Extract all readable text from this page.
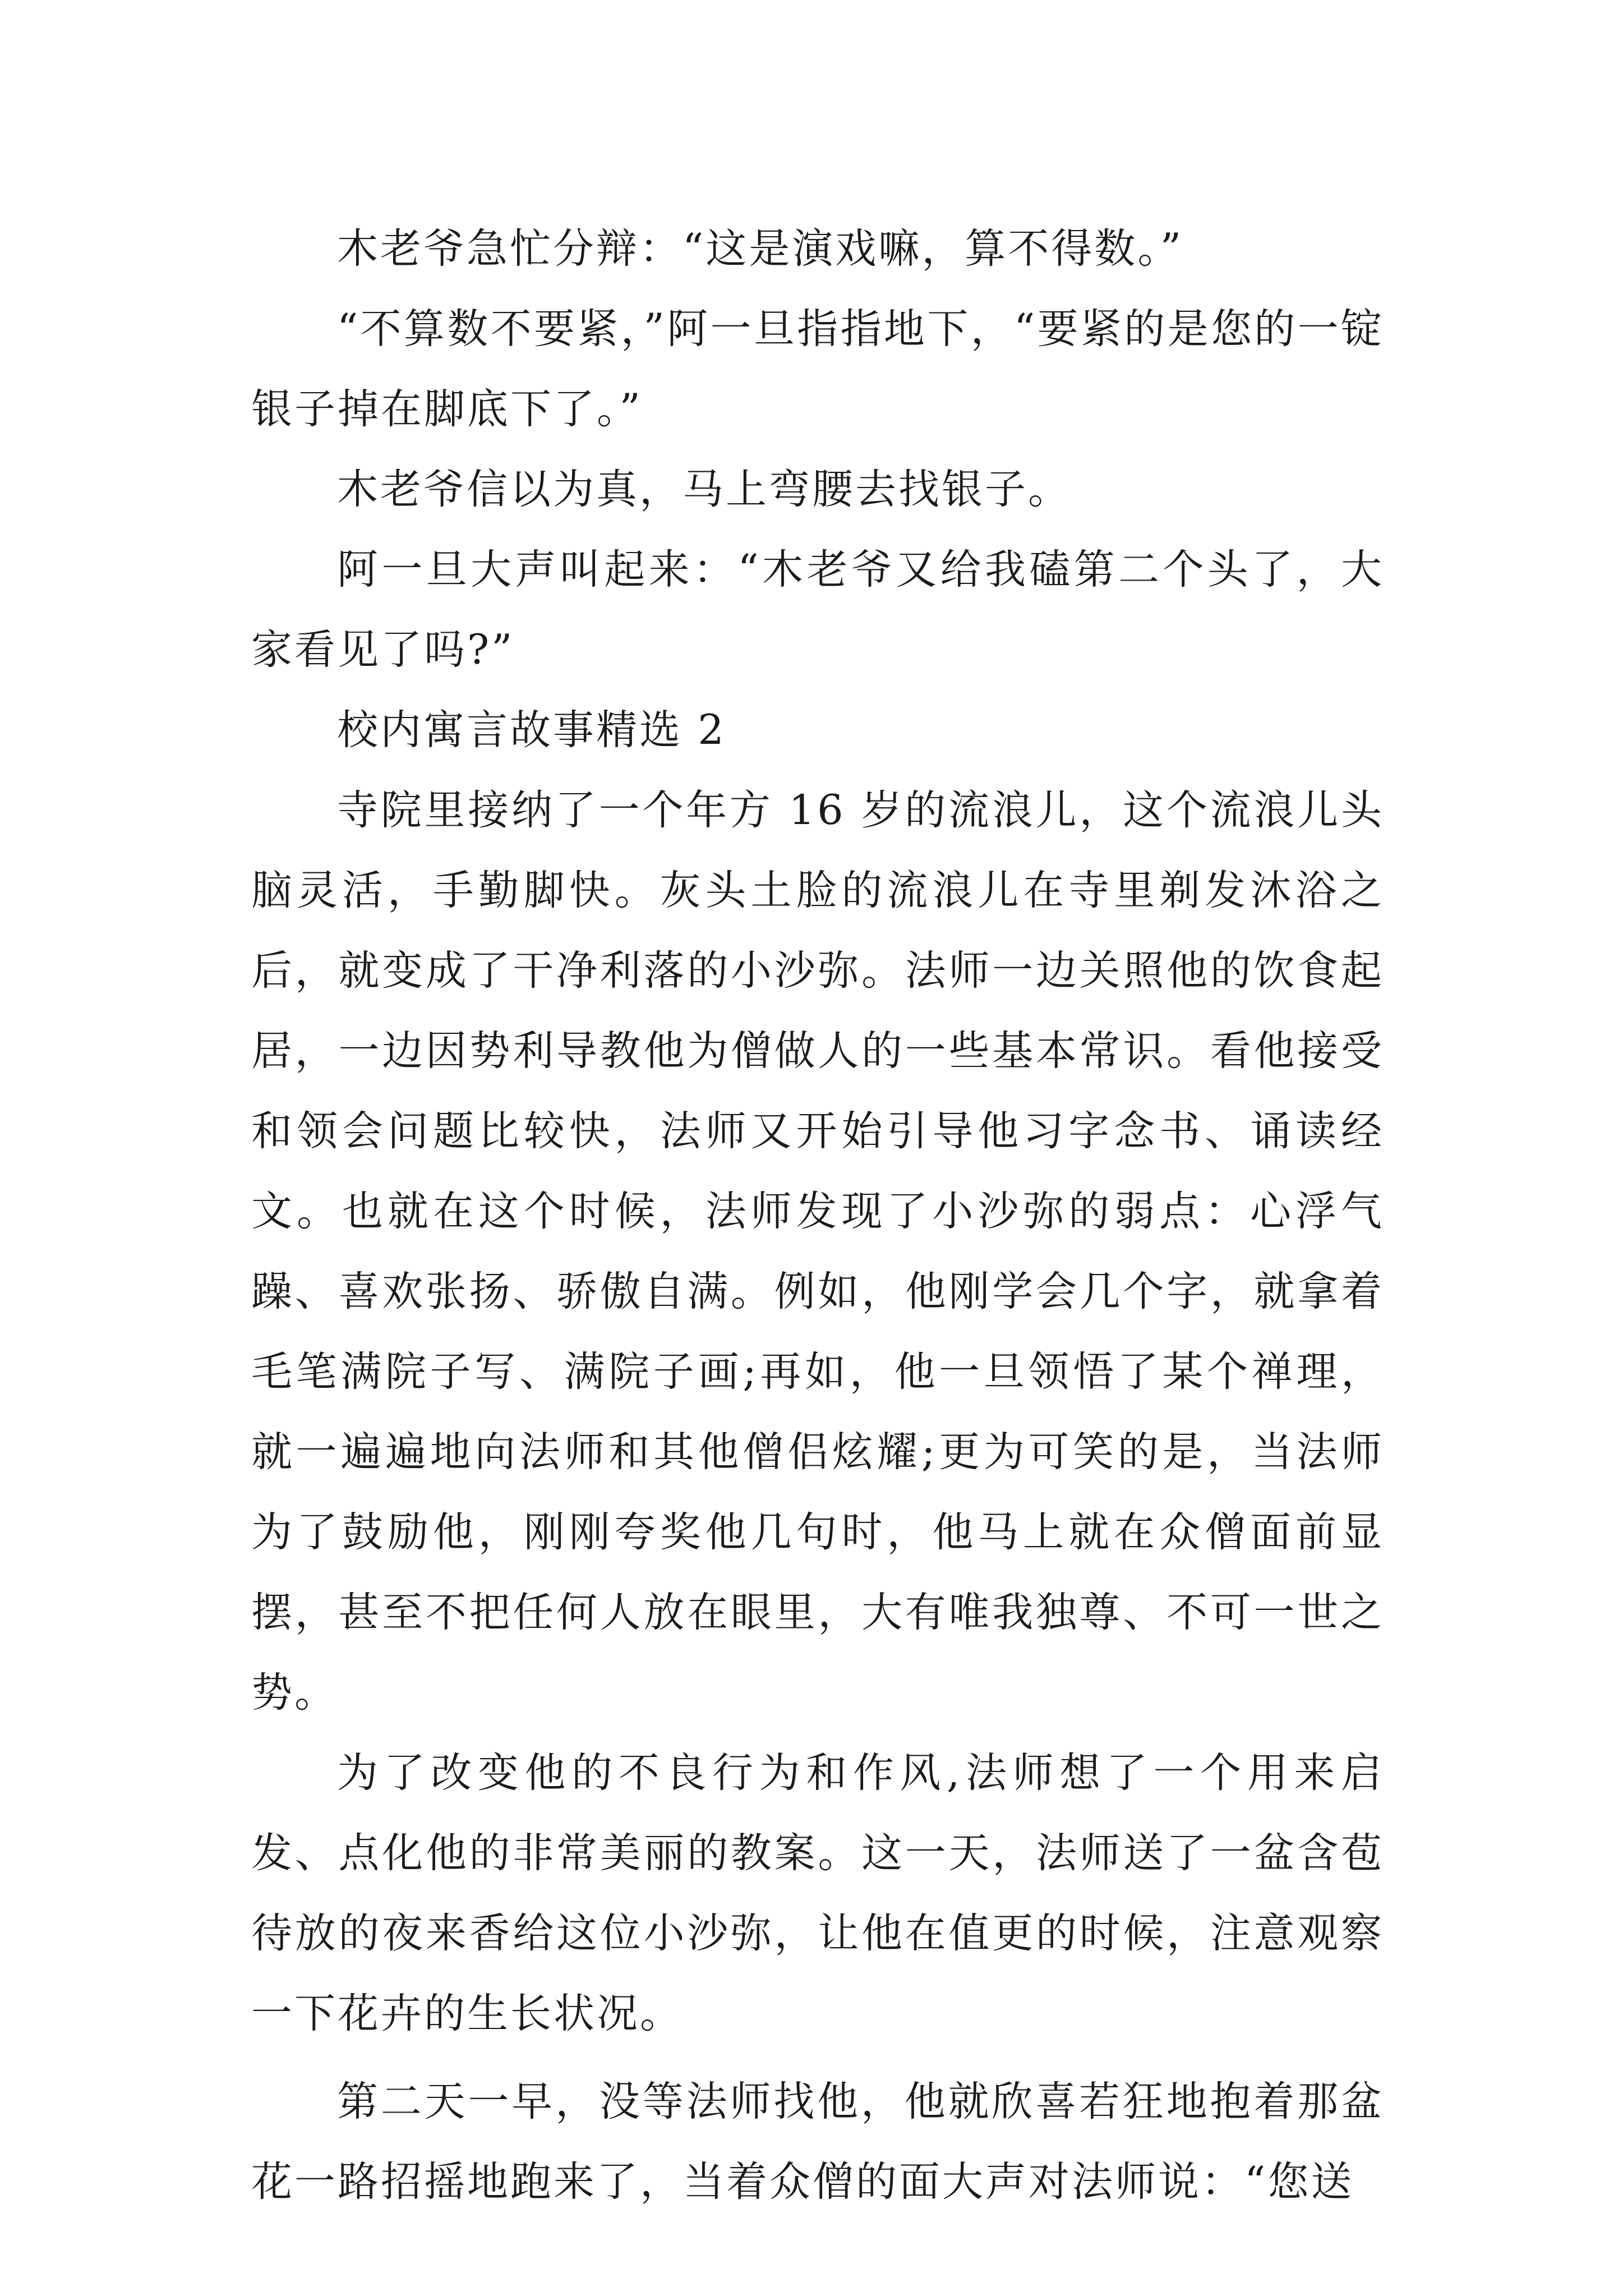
木老爷急忙分辩：“这是演戏嘛，算不得数。”

“不算数不要紧，”阿一旦指指地下，“要紧的是您的一锭银子掉在脚底下了。”

木老爷信以为真，马上弯腰去找银子。

阿一旦大声叫起来：“木老爷又给我磕第二个头了，大家看见了吗?”

校内寓言故事精选 2

寺院里接纳了一个年方 16 岁的流浪儿，这个流浪儿头脑灵活，手勤脚快。灰头土脸的流浪儿在寺里剃发沐浴之后，就变成了干净利落的小沙弥。法师一边关照他的饮食起居，一边因势利导教他为僧做人的一些基本常识。看他接受和领会问题比较快，法师又开始引导他习字念书、诵读经文。也就在这个时候，法师发现了小沙弥的弱点：心浮气躁、喜欢张扬、骄傲自满。例如，他刚学会几个字，就拿着毛笔满院子写、满院子画;再如，他一旦领悟了某个禅理，就一遍遍地向法师和其他僧侣炫耀;更为可笑的是，当法师为了鼓励他，刚刚夸奖他几句时，他马上就在众僧面前显摆，甚至不把任何人放在眼里，大有唯我独尊、不可一世之势。

为了改变他的不良行为和作风,法师想了一个用来启发、点化他的非常美丽的教案。这一天，法师送了一盆含苞待放的夜来香给这位小沙弥，让他在值更的时候，注意观察一下花卉的生长状况。

第二天一早，没等法师找他，他就欣喜若狂地抱着那盆花一路招摇地跑来了，当着众僧的面大声对法师说：“您送
